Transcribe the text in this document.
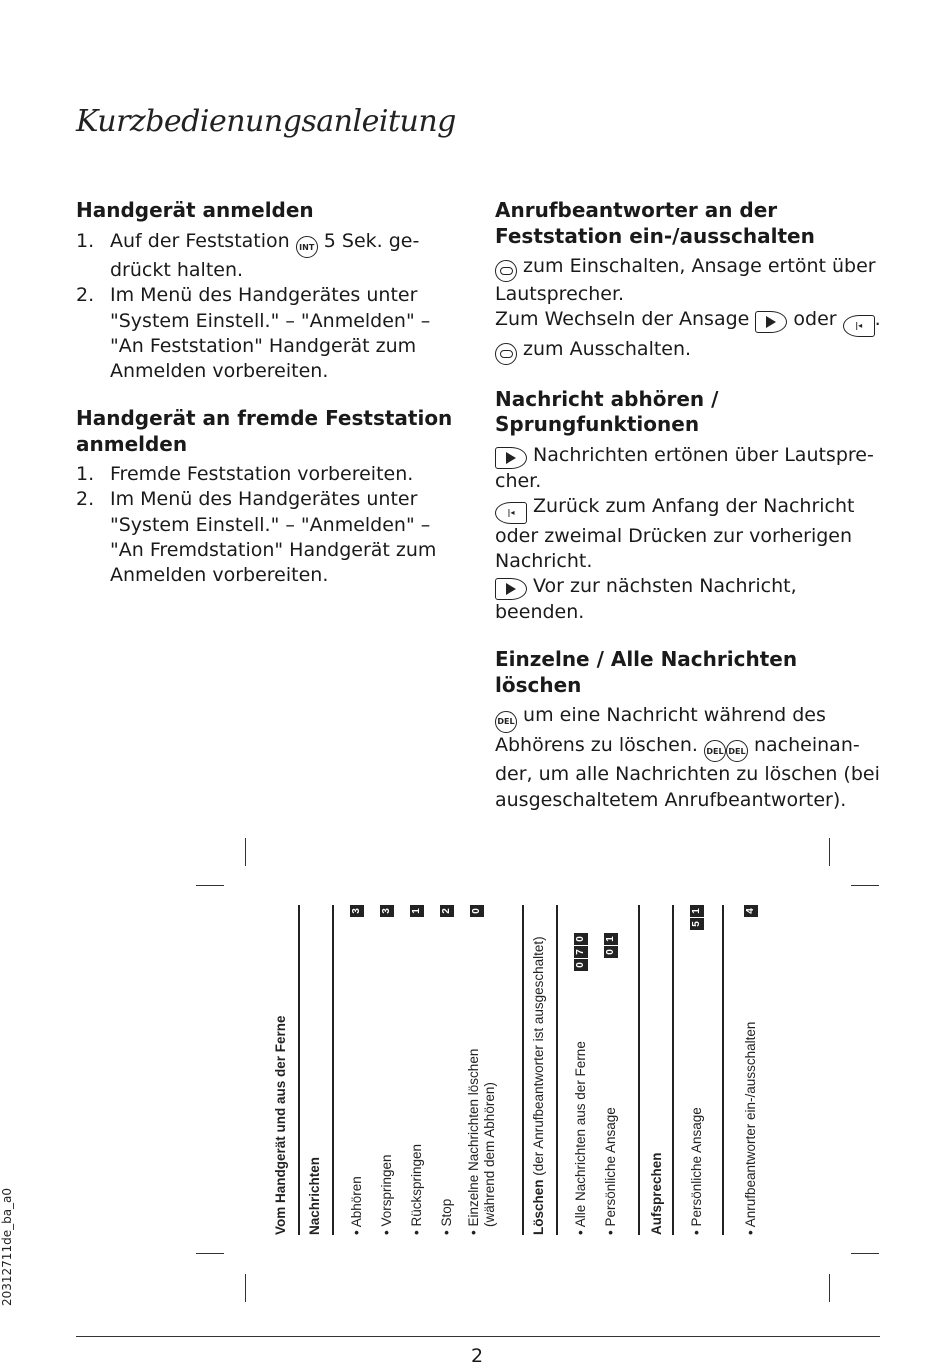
Kurzbedienungsanleitung
Handgerät anmelden
1. Auf der Feststation INT 5 Sek. ge-drückt halten.
2. Im Menü des Handgerätes unter "System Einstell." – "Anmelden" – "An Feststation" Handgerät zum Anmelden vorbereiten.
Handgerät an fremde Feststation anmelden
1. Fremde Feststation vorbereiten.
2. Im Menü des Handgerätes unter "System Einstell." – "Anmelden" – "An Fremdstation" Handgerät zum Anmelden vorbereiten.
Anrufbeantworter an der Feststation ein-/ausschalten

zum Einschalten, Ansage ertönt über Lautsprecher.

Zum Wechseln der Ansage
oder |◂ .

zum Ausschalten.

Nachricht abhören / Sprungfunktionen

Nachrichten ertönen über Lautspre-cher.

|◂ Zurück zum Anfang der Nachricht oder zweimal Drücken zur vorherigen Nachricht.

Vor zur nächsten Nachricht, beenden.

Einzelne / Alle Nachrichten löschen

DEL um eine Nachricht während des Abhörens zu löschen. DEL DEL nacheinan-der, um alle Nachrichten zu löschen (bei ausgeschaltetem Anrufbeantworter).

20312711de_ba_a0
Vom Handgerät und aus der Ferne Nachrichten • Abhören
3
• Vorspringen
3
• Rückspringen
1
• Stop
2
• Einzelne Nachrichten löschen
(während dem Abhören)
0
Löschen (der Anrufbeantworter ist ausgeschaltet) • Alle Nachrichten aus der Ferne
0
7
0
• Persönliche Ansage
0
1
Aufsprechen • Persönliche Ansage
5
1
• Anrufbeantworter ein-/ausschalten
4
2
